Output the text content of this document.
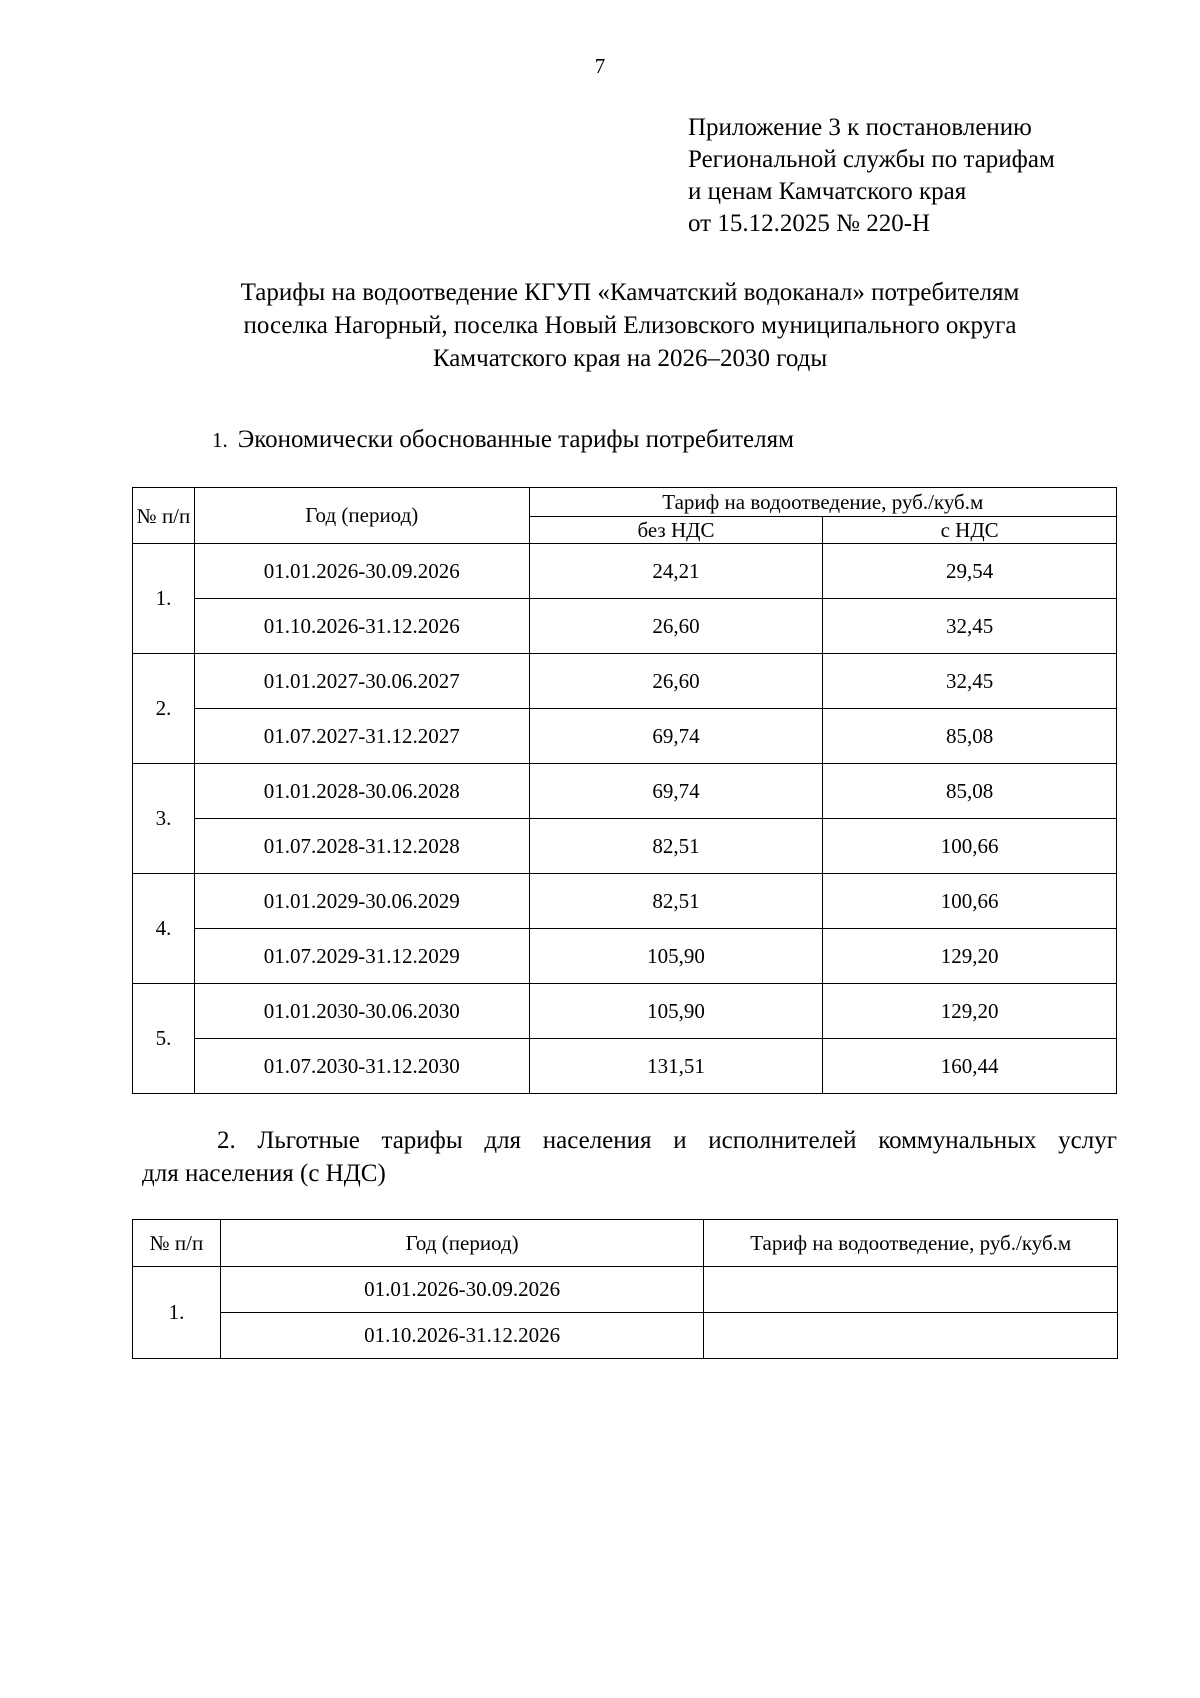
7
Приложение 3 к постановлению
Региональной службы по тарифам
и ценам Камчатского края
от 15.12.2025 № 220-Н
Тарифы на водоотведение КГУП «Камчатский водоканал» потребителям
поселка Нагорный, поселка Новый Елизовского муниципального округа
Камчатского края на 2026–2030 годы
1. Экономически обоснованные тарифы потребителям
№ п/п	Год (период)	Тариф на водоотведение, руб./куб.м	
		без НДС	с НДС
1.	01.01.2026-30.09.2026	24,21	29,54
	01.10.2026-31.12.2026	26,60	32,45
2.	01.01.2027-30.06.2027	26,60	32,45
	01.07.2027-31.12.2027	69,74	85,08
3.	01.01.2028-30.06.2028	69,74	85,08
	01.07.2028-31.12.2028	82,51	100,66
4.	01.01.2029-30.06.2029	82,51	100,66
	01.07.2029-31.12.2029	105,90	129,20
5.	01.01.2030-30.06.2030	105,90	129,20
	01.07.2030-31.12.2030	131,51	160,44
2. Льготные тарифы для населения и исполнителей коммунальных услуг
для населения (с НДС)
№ п/п	Год (период)	Тариф на водоотведение, руб./куб.м
1.	01.01.2026-30.09.2026	
	01.10.2026-31.12.2026	
